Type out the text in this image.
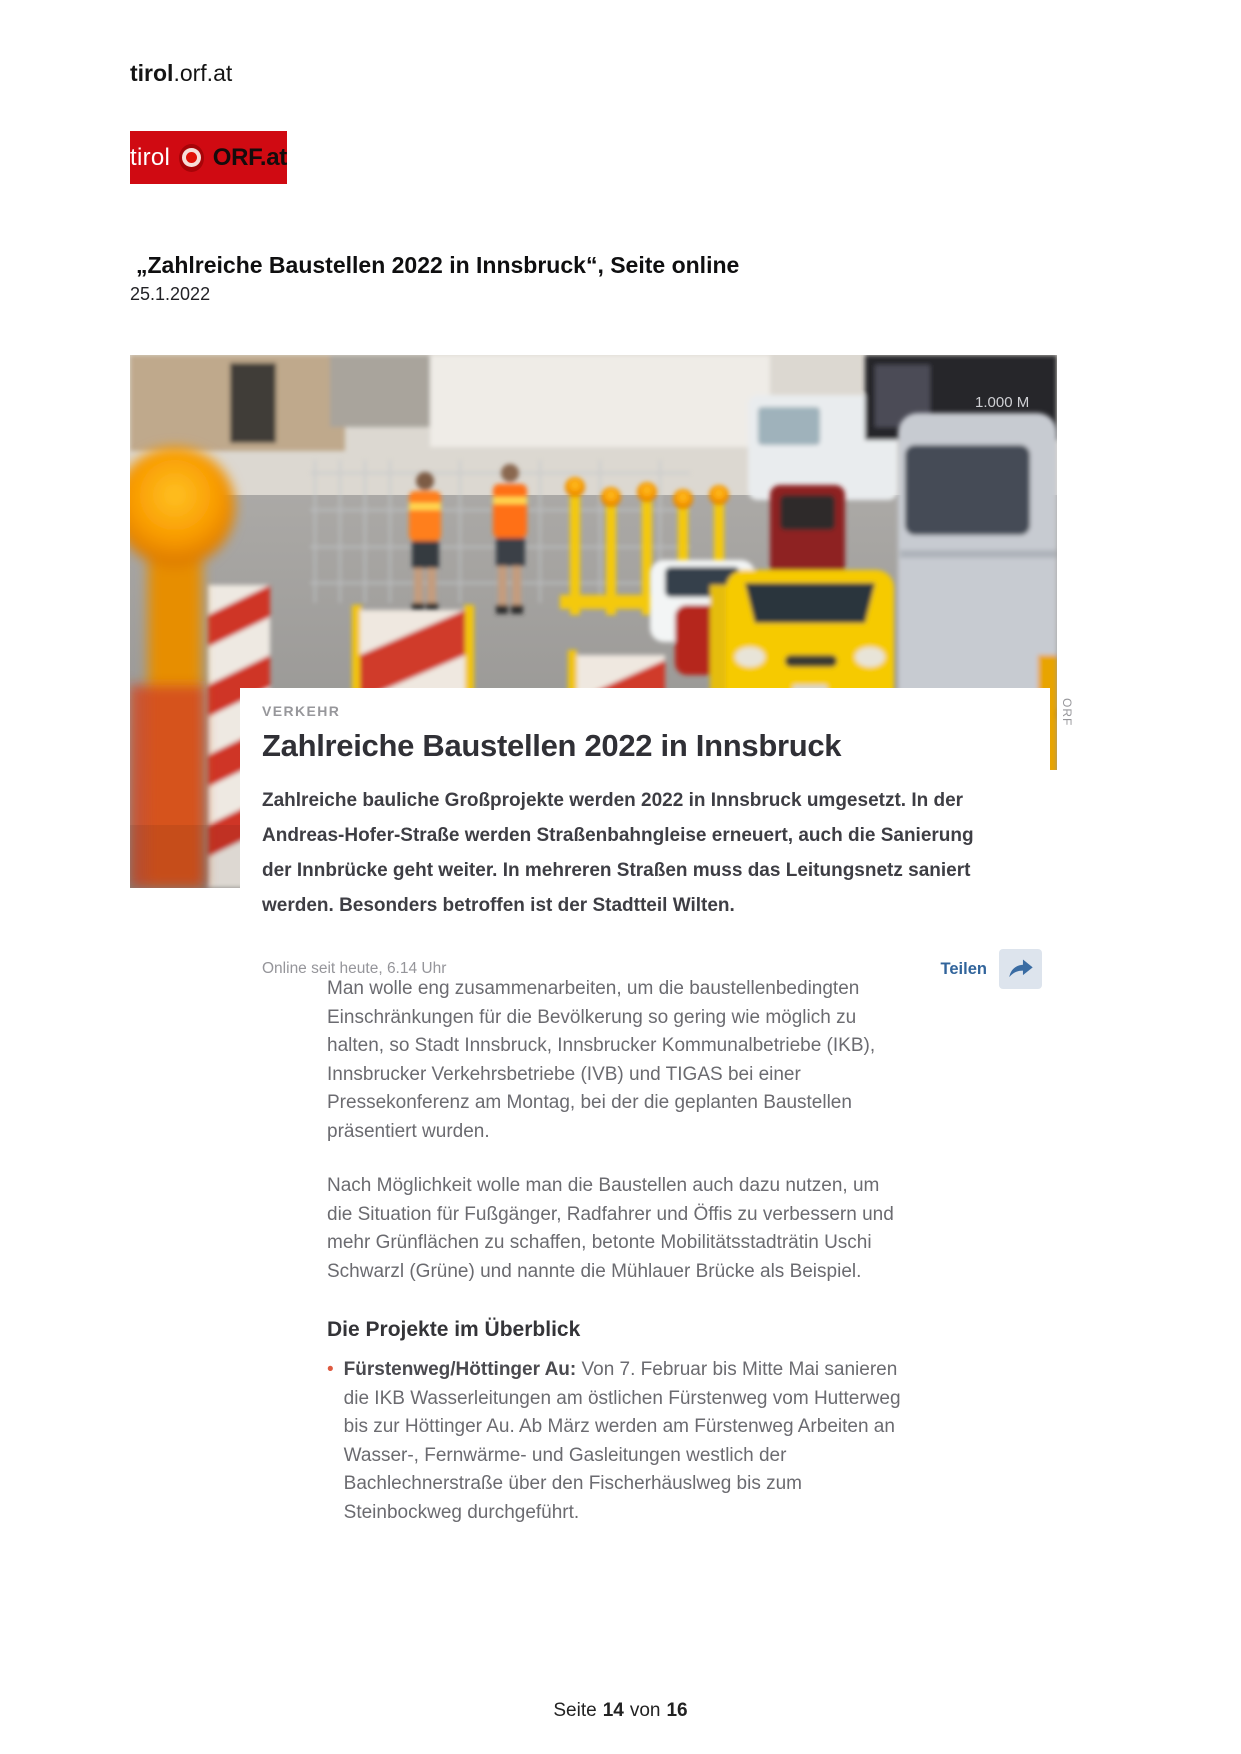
tirol.orf.at
tirol ORF.at
„Zahlreiche Baustellen 2022 in Innsbruck“, Seite online
25.1.2022
1.000 M
ORF
VERKEHR
Zahlreiche Baustellen 2022 in Innsbruck
Zahlreiche bauliche Großprojekte werden 2022 in Innsbruck umgesetzt. In der Andreas-Hofer-Straße werden Straßenbahngleise erneuert, auch die Sanierung der Innbrücke geht weiter. In mehreren Straßen muss das Leitungsnetz saniert werden. Besonders betroffen ist der Stadtteil Wilten.
Online seit heute, 6.14 Uhr	Teilen

Man wolle eng zusammenarbeiten, um die baustellenbedingten Einschränkungen für die Bevölkerung so gering wie möglich zu halten, so Stadt Innsbruck, Innsbrucker Kommunalbetriebe (IKB), Innsbrucker Verkehrsbetriebe (IVB) und TIGAS bei einer Pressekonferenz am Montag, bei der die geplanten Baustellen präsentiert wurden.

Nach Möglichkeit wolle man die Baustellen auch dazu nutzen, um die Situation für Fußgänger, Radfahrer und Öffis zu verbessern und mehr Grünflächen zu schaffen, betonte Mobilitätsstadträtin Uschi Schwarzl (Grüne) und nannte die Mühlauer Brücke als Beispiel.

Die Projekte im Überblick
• Fürstenweg/Höttinger Au: Von 7. Februar bis Mitte Mai sanieren die IKB Wasserleitungen am östlichen Fürstenweg vom Hutterweg bis zur Höttinger Au. Ab März werden am Fürstenweg Arbeiten an Wasser-, Fernwärme- und Gasleitungen westlich der Bachlechnerstraße über den Fischerhäuslweg bis zum Steinbockweg durchgeführt.
Seite 14 von 16
